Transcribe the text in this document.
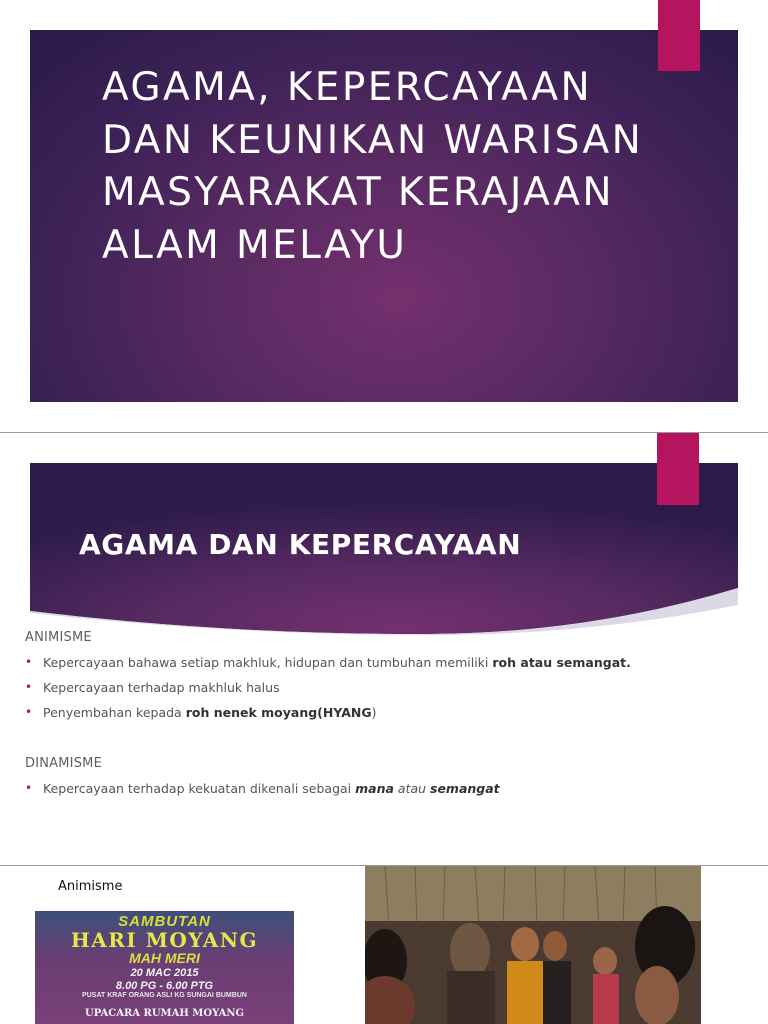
AGAMA, KEPERCAYAAN
DAN KEUNIKAN WARISAN
MASYARAKAT KERAJAAN
ALAM MELAYU
AGAMA DAN KEPERCAYAAN
ANIMISME
• Kepercayaan bahawa setiap makhluk, hidupan dan tumbuhan memiliki roh atau semangat.
• Kepercayaan terhadap makhluk halus
• Penyembahan kepada roh nenek moyang(HYANG)
DINAMISME
• Kepercayaan terhadap kekuatan dikenali sebagai mana atau semangat
Animisme
SAMBUTAN
HARI MOYANG
MAH MERI
20 MAC 2015
8.00 PG - 6.00 PTG
PUSAT KRAF ORANG ASLI KG SUNGAI BUMBUN
UPACARA RUMAH MOYANG
